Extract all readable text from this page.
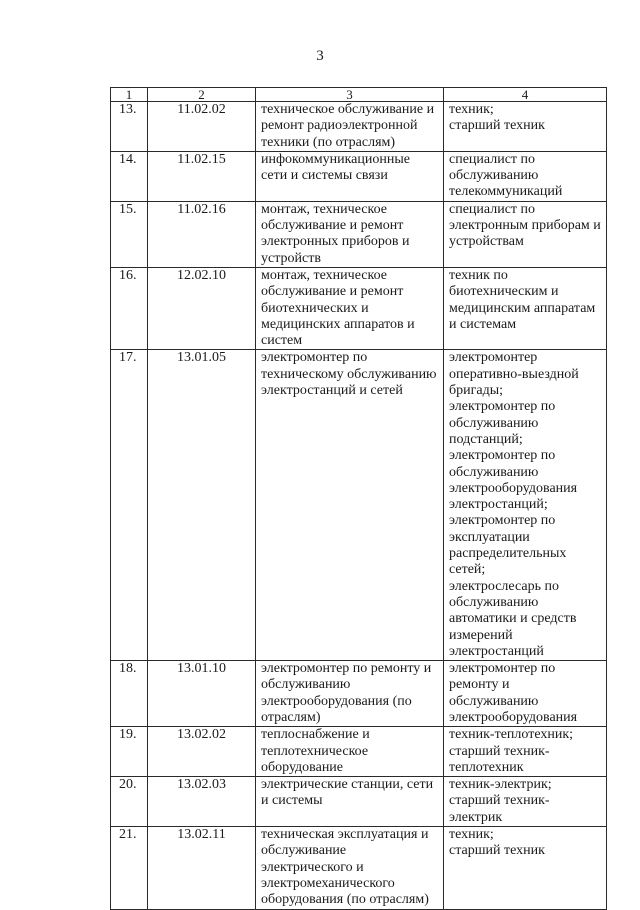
3
1	2	3	4
13.	11.02.02	техническое обслуживание и ремонт радиоэлектронной техники (по отраслям)	техник;
старший техник

14.	11.02.15	инфокоммуникационные сети и системы связи	специалист по обслуживанию телекоммуникаций

15.	11.02.16	монтаж, техническое обслуживание и ремонт электронных приборов и устройств	специалист по электронным приборам и устройствам

16.	12.02.10	монтаж, техническое обслуживание и ремонт биотехнических и медицинских аппаратов и систем	техник по биотехническим и медицинским аппаратам и системам

17.	13.01.05	электромонтер по техническому обслуживанию электростанций и сетей	электромонтер оперативно-выездной бригады;
электромонтер по обслуживанию подстанций;
электромонтер по обслуживанию электрооборудования электростанций;
электромонтер по эксплуатации распределительных сетей;
электрослесарь по обслуживанию автоматики и средств измерений электростанций

18.	13.01.10	электромонтер по ремонту и обслуживанию электрооборудования (по отраслям)	электромонтер по ремонту и обслуживанию электрооборудования

19.	13.02.02	теплоснабжение и теплотехническое оборудование	техник-теплотехник;
старший техник-теплотехник

20.	13.02.03	электрические станции, сети и системы	техник-электрик;
старший техник-электрик

21.	13.02.11	техническая эксплуатация и обслуживание электрического и электромеханического оборудования (по отраслям)	техник;
старший техник
